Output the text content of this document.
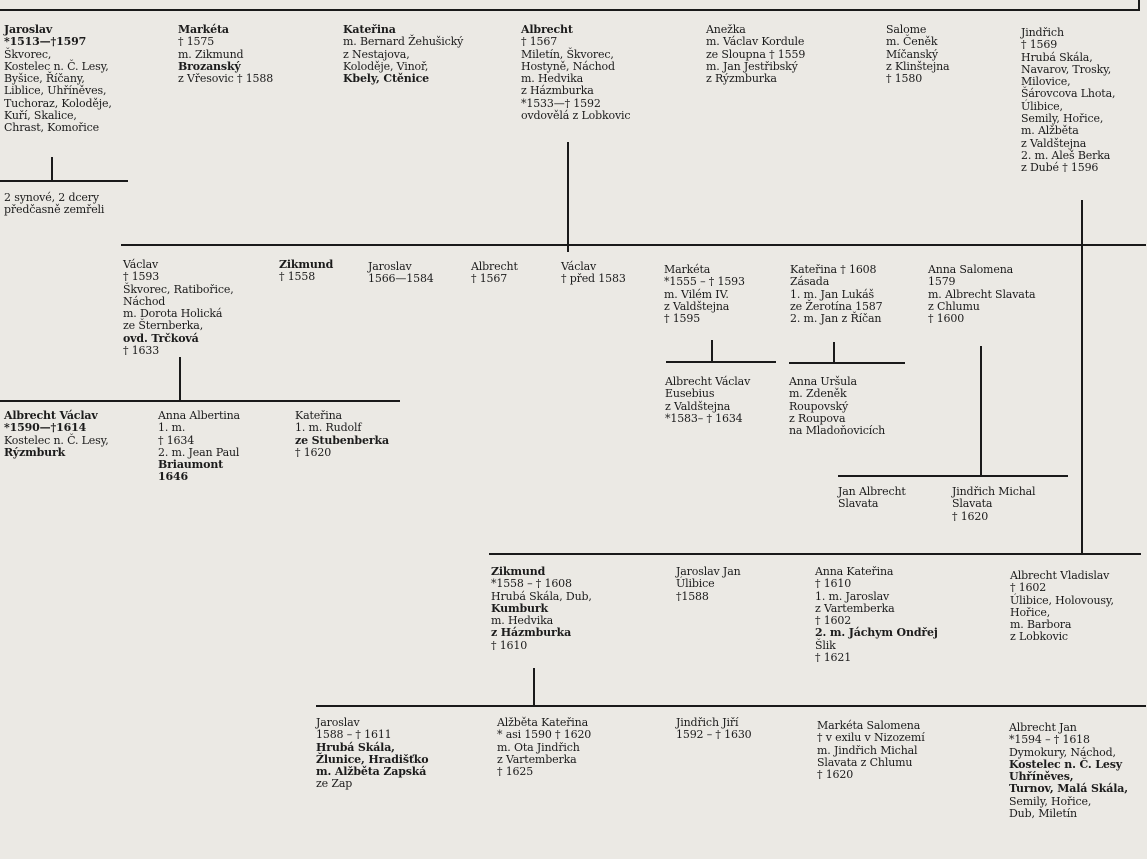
Jaroslav
*1513—†1597
Škvorec,
Kostelec n. Č. Lesy,
Byšice, Říčany,
Liblice, Uhříněves,
Tuchoraz, Koloděje,
Kuří, Skalice,
Chrast, Komořice
Markéta
† 1575
m. Zikmund
Brozanský
z Vřesovic † 1588
Kateřina
m. Bernard Žehušický
z Nestajova,
Koloděje, Vinoř,
Kbely, Ctěnice
Albrecht
† 1567
Miletín, Škvorec,
Hostyně, Náchod
m. Hedvika
z Házmburka
*1533—† 1592
ovdovělá z Lobkovic
Anežka
m. Václav Kordule
ze Sloupna † 1559
m. Jan Jestřibský
z Rýzmburka
Salome
m. Čeněk
Míčanský
z Klinštejna
† 1580
Jindřich
† 1569
Hrubá Skála,
Navarov, Trosky,
Milovice,
Šárovcova Lhota,
Úlibice,
Semily, Hořice,
m. Alžběta
z Valdštejna
2. m. Aleš Berka
z Dubé † 1596
2 synové, 2 dcery
předčasně zemřeli
Václav
† 1593
Škvorec, Ratibořice,
Náchod
m. Dorota Holická
ze Šternberka,
ovd. Trčková
† 1633
Zikmund
† 1558
Jaroslav
1566—1584
Albrecht
† 1567
Václav
† před 1583
Markéta
*1555 – † 1593
m. Vilém IV.
z Valdštejna
† 1595
Kateřina † 1608
Zásada
1. m. Jan Lukáš
ze Žerotína 1587
2. m. Jan z Říčan
Anna Salomena
1579
m. Albrecht Slavata
z Chlumu
† 1600
Albrecht Václav
Eusebius
z Valdštejna
*1583– † 1634
Anna Uršula
m. Zdeněk
Roupovský
z Roupova
na Mladoňovicích
Jan Albrecht
Slavata
Jindřich Michal
Slavata
† 1620
Albrecht Václav
*1590—†1614
Kostelec n. Č. Lesy,
Rýzmburk
Anna Albertina
1. m.
† 1634
2. m. Jean Paul
Briaumont
1646
Kateřina
1. m. Rudolf
ze Stubenberka
† 1620
Zikmund
*1558 – † 1608
Hrubá Skála, Dub,
Kumburk
m. Hedvika
z Házmburka
† 1610
Jaroslav Jan
Úlibice
†1588
Anna Kateřina
† 1610
1. m. Jaroslav
z Vartemberka
† 1602
2. m. Jáchym Ondřej
Šlik
† 1621
Albrecht Vladislav
† 1602
Úlibice, Holovousy,
Hořice,
m. Barbora
z Lobkovic
Jaroslav
1588 – † 1611
Hrubá Skála,
Žlunice, Hradišťko
m. Alžběta Zapská
ze Zap
Alžběta Kateřina
* asi 1590 † 1620
m. Ota Jindřich
z Vartemberka
† 1625
Jindřich Jiří
1592 – † 1630
Markéta Salomena
† v exilu v Nizozemí
m. Jindřich Michal
Slavata z Chlumu
† 1620
Albrecht Jan
*1594 – † 1618
Dymokury, Náchod,
Kostelec n. Č. Lesy
Uhříněves,
Turnov, Malá Skála,
Semily, Hořice,
Dub, Miletín
